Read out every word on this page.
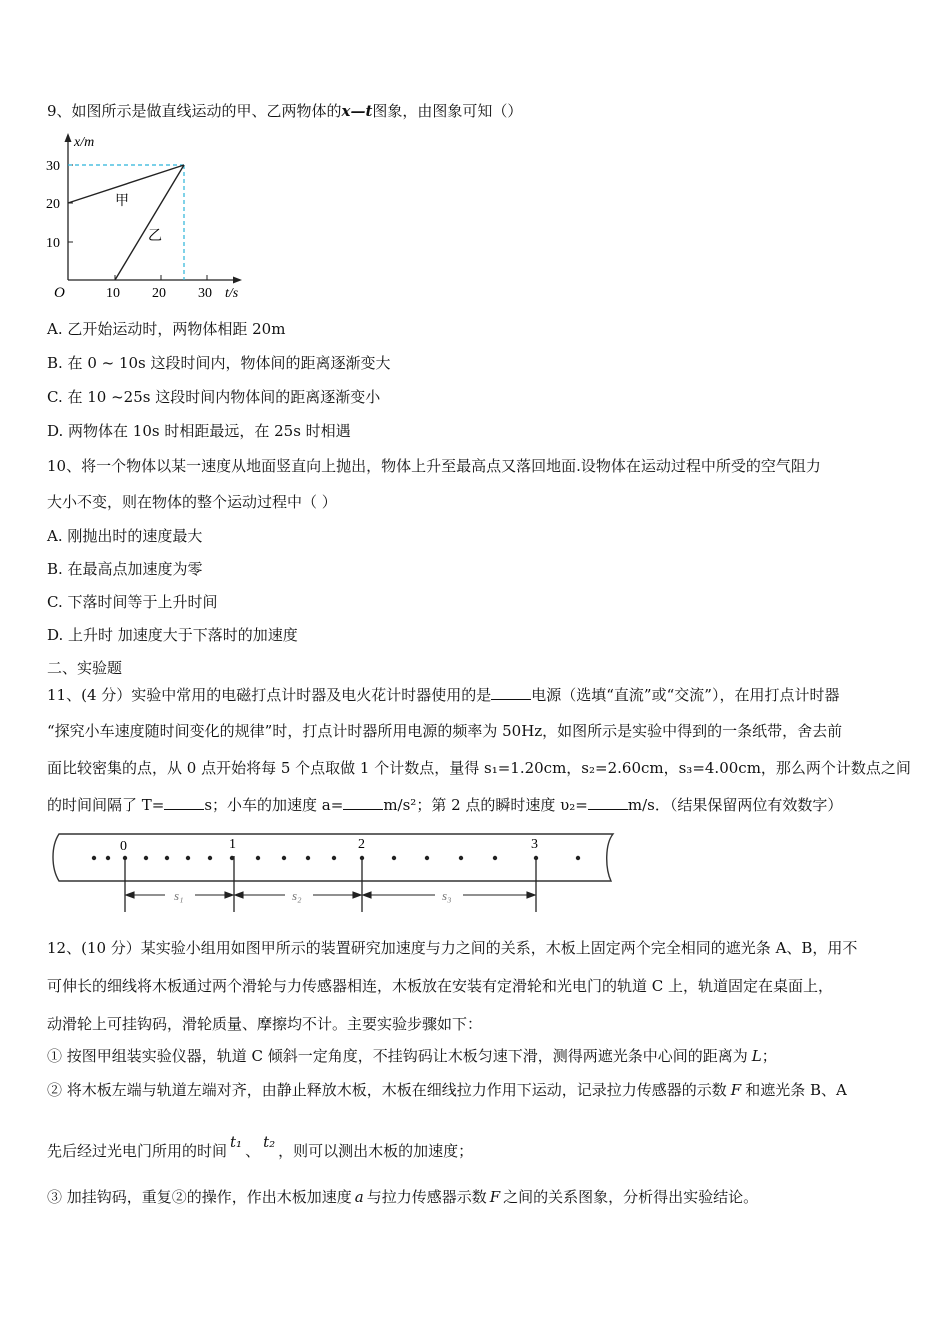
9、如图所示是做直线运动的甲、乙两物体的x—t图象，由图象可知（）
x/m
30
20
10
O	10 20 30 t/s
甲
乙
A. 乙开始运动时，两物体相距 20m
B. 在 0 ~ 10s 这段时间内，物体间的距离逐渐变大
C. 在 10 ~25s 这段时间内物体间的距离逐渐变小
D. 两物体在 10s 时相距最远，在 25s 时相遇
10、将一个物体以某一速度从地面竖直向上抛出，物体上升至最高点又落回地面.设物体在运动过程中所受的空气阻力
大小不变，则在物体的整个运动过程中（ ）
A. 刚抛出时的速度最大
B. 在最高点加速度为零
C. 下落时间等于上升时间
D. 上升时 加速度大于下落时的加速度
二、实验题
11、(4 分）实验中常用的电磁打点计时器及电火花计时器使用的是	电源（选填“直流”或“交流”），在用打点计时器
“探究小车速度随时间变化的规律”时，打点计时器所用电源的频率为 50Hz，如图所示是实验中得到的一条纸带，舍去前
面比较密集的点，从 0 点开始将每 5 个点取做 1 个计数点，量得 s₁=1.20cm，s₂=2.60cm，s₃=4.00cm，那么两个计数点之间
的时间间隔了 T=	s；小车的加速度 a=	m/s²；第 2 点的瞬时速度 υ₂=	m/s．（结果保留两位有效数字）
0	1	2	3
s₁	s₂	s₃
12、(10 分）某实验小组用如图甲所示的装置研究加速度与力之间的关系，木板上固定两个完全相同的遮光条 A、B，用不
可伸长的细线将木板通过两个滑轮与力传感器相连，木板放在安装有定滑轮和光电门的轨道 C 上，轨道固定在桌面上，
动滑轮上可挂钩码，滑轮质量、摩擦均不计。主要实验步骤如下：
① 按图甲组装实验仪器，轨道 C 倾斜一定角度，不挂钩码让木板匀速下滑，测得两遮光条中心间的距离为 L；
② 将木板左端与轨道左端对齐，由静止释放木板，木板在细线拉力作用下运动，记录拉力传感器的示数 F 和遮光条 B、A
先后经过光电门所用的时间 t₁ 、 t₂ ，则可以测出木板的加速度；
③ 加挂钩码，重复②的操作，作出木板加速度 a 与拉力传感器示数 F 之间的关系图象，分析得出实验结论。
